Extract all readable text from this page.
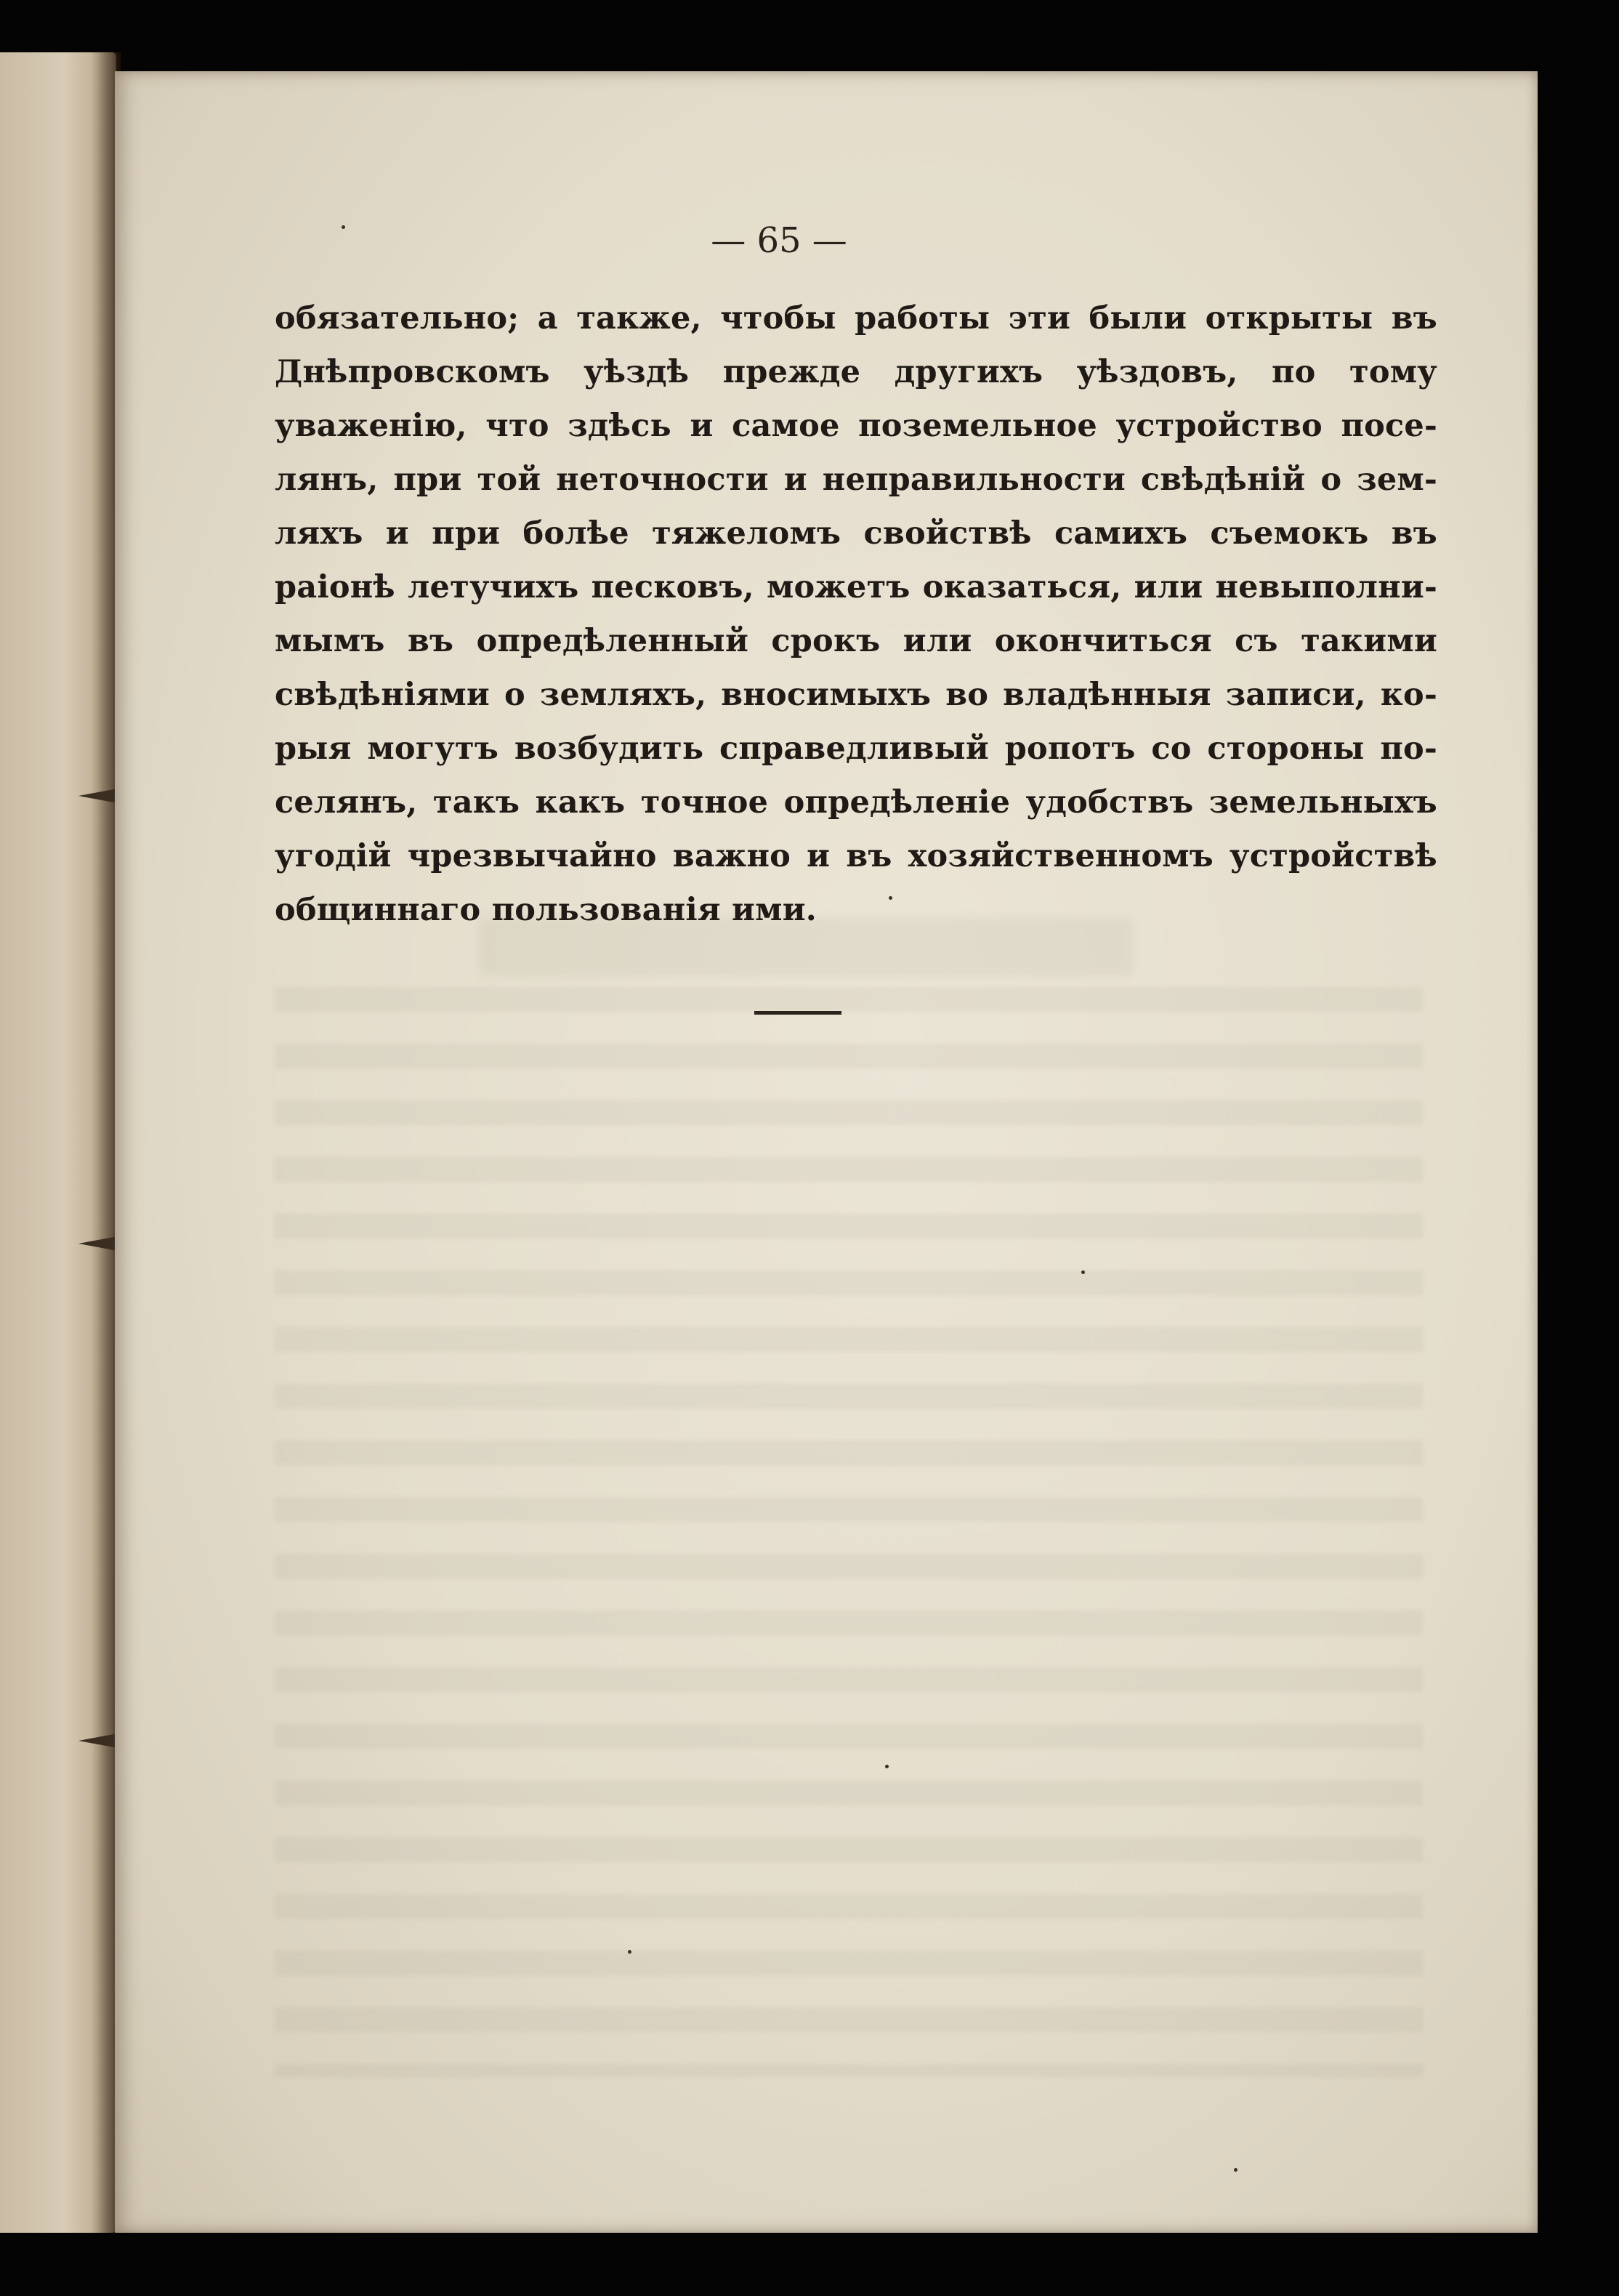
— 65 —
обязательно; а также, чтобы работы эти были открыты въ
Днѣпровскомъ уѣздѣ прежде другихъ уѣздовъ, по тому
уваженію, что здѣсь и самое поземельное устройство посе-
лянъ, при той неточности и неправильности свѣдѣній о зем-
ляхъ и при болѣе тяжеломъ свойствѣ самихъ съемокъ въ
раіонѣ летучихъ песковъ, можетъ оказаться, или невыполни-
мымъ въ опредѣленный срокъ или окончиться съ такими
свѣдѣніями о земляхъ, вносимыхъ во владѣнныя записи, ко-
рыя могутъ возбудить справедливый ропотъ со стороны по-
селянъ, такъ какъ точное опредѣленіе удобствъ земельныхъ
угодій чрезвычайно важно и въ хозяйственномъ устройствѣ
общиннаго пользованія ими.
